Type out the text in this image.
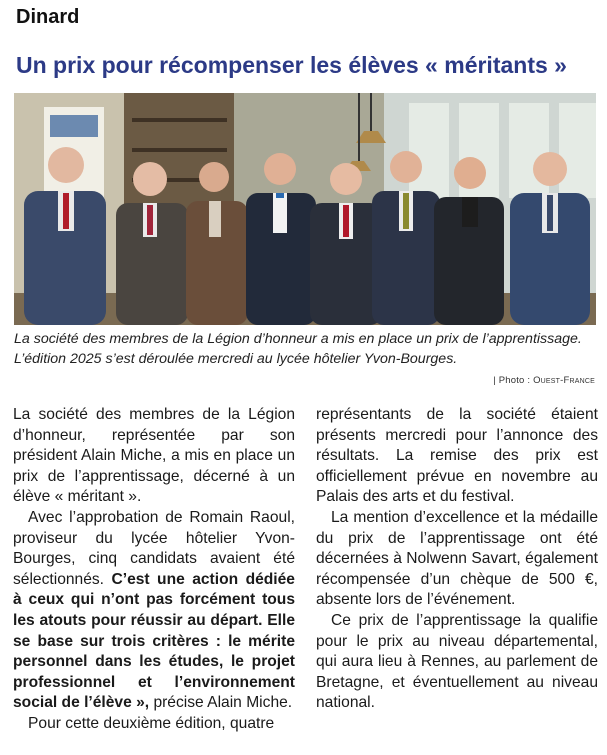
Dinard
Un prix pour récompenser les élèves « méritants »
La société des membres de la Légion d’honneur a mis en place un prix de l’apprentissage. L’édition 2025 s’est déroulée mercredi au lycée hôtelier Yvon-Bourges.
| Photo : Ouest-France

La société des membres de la Légion d’honneur, représentée par son président Alain Miche, a mis en place un prix de l’apprentissage, décerné à un élève « méritant ».

Avec l’approbation de Romain Raoul, proviseur du lycée hôtelier Yvon-Bourges, cinq candidats avaient été sélectionnés. C’est une action dédiée à ceux qui n’ont pas forcément tous les atouts pour réussir au départ. Elle se base sur trois critères : le mérite personnel dans les études, le projet professionnel et l’environnement social de l’élève », précise Alain Miche.

Pour cette deuxième édition, quatre

représentants de la société étaient présents mercredi pour l’annonce des résultats. La remise des prix est officiellement prévue en novembre au Palais des arts et du festival.

La mention d’excellence et la médaille du prix de l’apprentissage ont été décernées à Nolwenn Savart, également récompensée d’un chèque de 500 €, absente lors de l’événement.

Ce prix de l’apprentissage la qualifie pour le prix au niveau départemental, qui aura lieu à Rennes, au parlement de Bretagne, et éventuellement au niveau national.
